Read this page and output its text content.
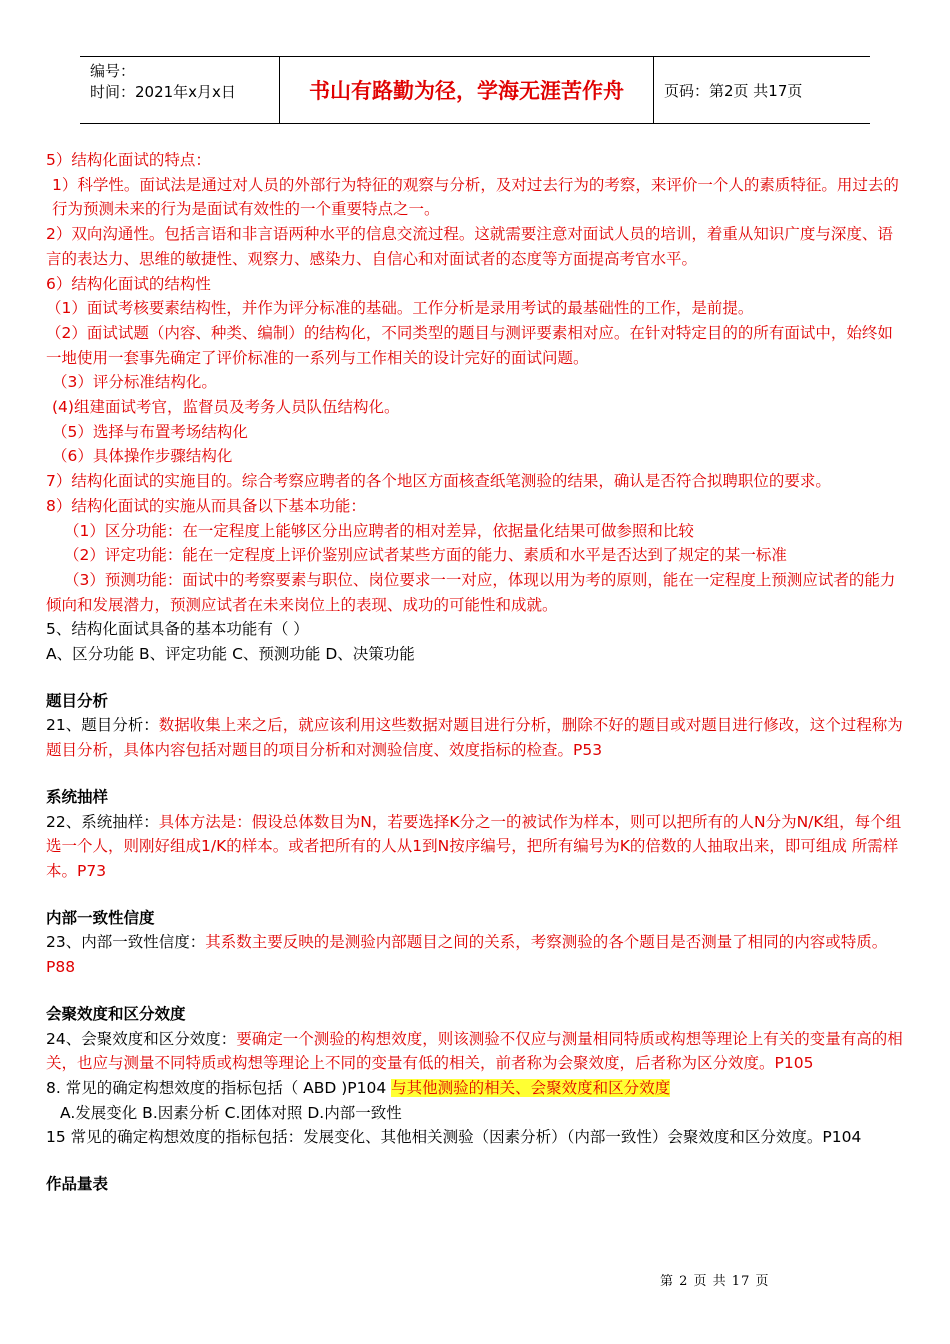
编号：
时间：2021年x月x日	书山有路勤为径，学海无涯苦作舟	页码：第2页 共17页

5）结构化面试的特点：

1）科学性。面试法是通过对人员的外部行为特征的观察与分析，及对过去行为的考察，来评价一个人的素质特征。用过去的行为预测未来的行为是面试有效性的一个重要特点之一。

2）双向沟通性。包括言语和非言语两种水平的信息交流过程。这就需要注意对面试人员的培训，着重从知识广度与深度、语言的表达力、思维的敏捷性、观察力、感染力、自信心和对面试者的态度等方面提高考官水平。

6）结构化面试的结构性

（1）面试考核要素结构性，并作为评分标准的基础。工作分析是录用考试的最基础性的工作，是前提。

（2）面试试题（内容、种类、编制）的结构化，不同类型的题目与测评要素相对应。在针对特定目的的所有面试中，始终如一地使用一套事先确定了评价标准的一系列与工作相关的设计完好的面试问题。

（3）评分标准结构化。

(4)组建面试考官，监督员及考务人员队伍结构化。

（5）选择与布置考场结构化

（6）具体操作步骤结构化

7）结构化面试的实施目的。综合考察应聘者的各个地区方面核查纸笔测验的结果，确认是否符合拟聘职位的要求。

8）结构化面试的实施从而具备以下基本功能：

（1）区分功能：在一定程度上能够区分出应聘者的相对差异，依据量化结果可做参照和比较

（2）评定功能：能在一定程度上评价鉴别应试者某些方面的能力、素质和水平是否达到了规定的某一标准

（3）预测功能：面试中的考察要素与职位、岗位要求一一对应，体现以用为考的原则，能在一定程度上预测应试者的能力倾向和发展潜力，预测应试者在未来岗位上的表现、成功的可能性和成就。

5、结构化面试具备的基本功能有（ ）

A、区分功能 B、评定功能 C、预测功能 D、决策功能

题目分析

21、题目分析：数据收集上来之后，就应该利用这些数据对题目进行分析，删除不好的题目或对题目进行修改，这个过程称为题目分析，具体内容包括对题目的项目分析和对测验信度、效度指标的检查。P53

系统抽样

22、系统抽样：具体方法是：假设总体数目为N，若要选择K分之一的被试作为样本，则可以把所有的人N分为N/K组，每个组选一个人，则刚好组成1/K的样本。或者把所有的人从1到N按序编号，把所有编号为K的倍数的人抽取出来，即可组成 所需样本。P73

内部一致性信度

23、内部一致性信度：其系数主要反映的是测验内部题目之间的关系，考察测验的各个题目是否测量了相同的内容或特质。P88

会聚效度和区分效度

24、会聚效度和区分效度：要确定一个测验的构想效度，则该测验不仅应与测量相同特质或构想等理论上有关的变量有高的相关，也应与测量不同特质或构想等理论上不同的变量有低的相关，前者称为会聚效度，后者称为区分效度。P105

8. 常见的确定构想效度的指标包括（ ABD )P104 与其他测验的相关、会聚效度和区分效度

A.发展变化 B.因素分析 C.团体对照 D.内部一致性

15 常见的确定构想效度的指标包括：发展变化、其他相关测验（因素分析）（内部一致性）会聚效度和区分效度。P104

作品量表

第 2 页 共 17 页
